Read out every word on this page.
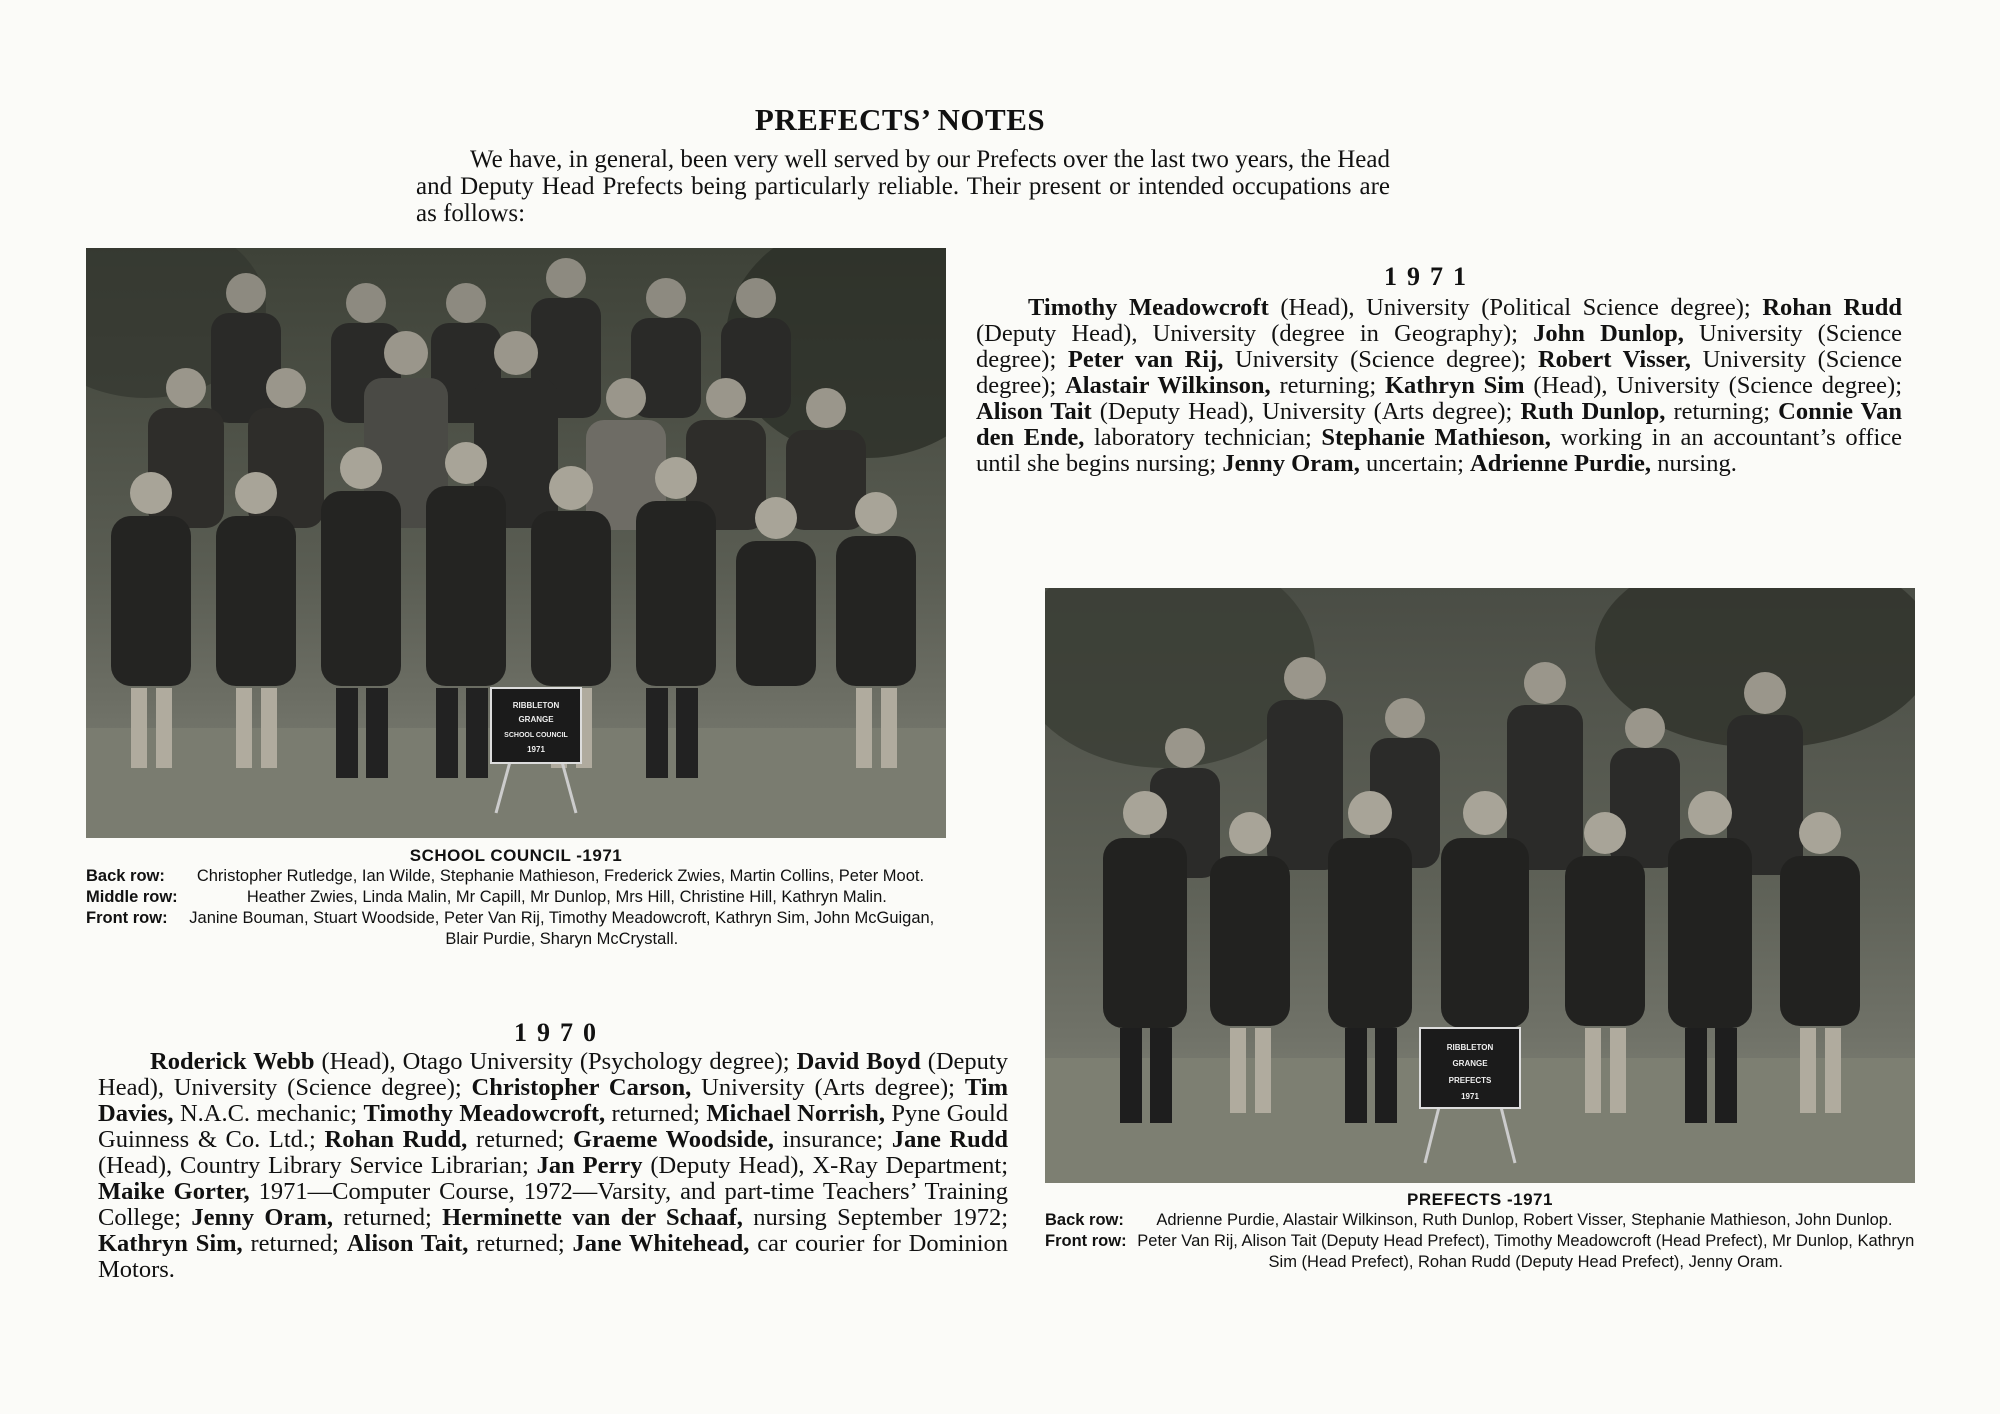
PREFECTS’ NOTES
We have, in general, been very well served by our Prefects over the last two years, the Head and Deputy Head Prefects being particularly reliable. Their present or intended occupations are as follows:
RIBBLETON
GRANGE
SCHOOL COUNCIL
1971
SCHOOL COUNCIL -1971
Back row:	Christopher Rutledge, Ian Wilde, Stephanie Mathieson, Frederick Zwies, Martin Collins, Peter Moot.
Middle row:	Heather Zwies, Linda Malin, Mr Capill, Mr Dunlop, Mrs Hill, Christine Hill, Kathryn Malin.
Front row:	Janine Bouman, Stuart Woodside, Peter Van Rij, Timothy Meadowcroft, Kathryn Sim, John McGuigan, Blair Purdie, Sharyn McCrystall.
1971
Timothy Meadowcroft (Head), University (Political Science degree); Rohan Rudd (Deputy Head), University (degree in Geography); John Dunlop, University (Science degree); Peter van Rij, University (Science degree); Robert Visser, University (Science degree); Alastair Wilkinson, returning; Kathryn Sim (Head), University (Science degree); Alison Tait (Deputy Head), University (Arts degree); Ruth Dunlop, returning; Connie Van den Ende, laboratory technician; Stephanie Mathieson, working in an accountant’s office until she begins nursing; Jenny Oram, uncertain; Adrienne Purdie, nursing.
RIBBLETON
GRANGE
PREFECTS
1971
PREFECTS -1971
Back row:	Adrienne Purdie, Alastair Wilkinson, Ruth Dunlop, Robert Visser, Stephanie Mathieson, John Dunlop.
Front row: Peter Van Rij, Alison Tait (Deputy Head Prefect), Timothy Meadowcroft (Head Prefect), Mr Dunlop, Kathryn Sim (Head Prefect), Rohan Rudd (Deputy Head Prefect), Jenny Oram.
1970
Roderick Webb (Head), Otago University (Psychology degree); David Boyd (Deputy Head), University (Science degree); Christopher Carson, University (Arts degree); Tim Davies, N.A.C. mechanic; Timothy Meadowcroft, returned; Michael Norrish, Pyne Gould Guinness & Co. Ltd.; Rohan Rudd, returned; Graeme Woodside, insurance; Jane Rudd (Head), Country Library Service Librarian; Jan Perry (Deputy Head), X-Ray Department; Maike Gorter, 1971—Computer Course, 1972—Varsity, and part-time Teachers’ Training College; Jenny Oram, returned; Herminette van der Schaaf, nursing September 1972; Kathryn Sim, returned; Alison Tait, returned; Jane Whitehead, car courier for Dominion Motors.
